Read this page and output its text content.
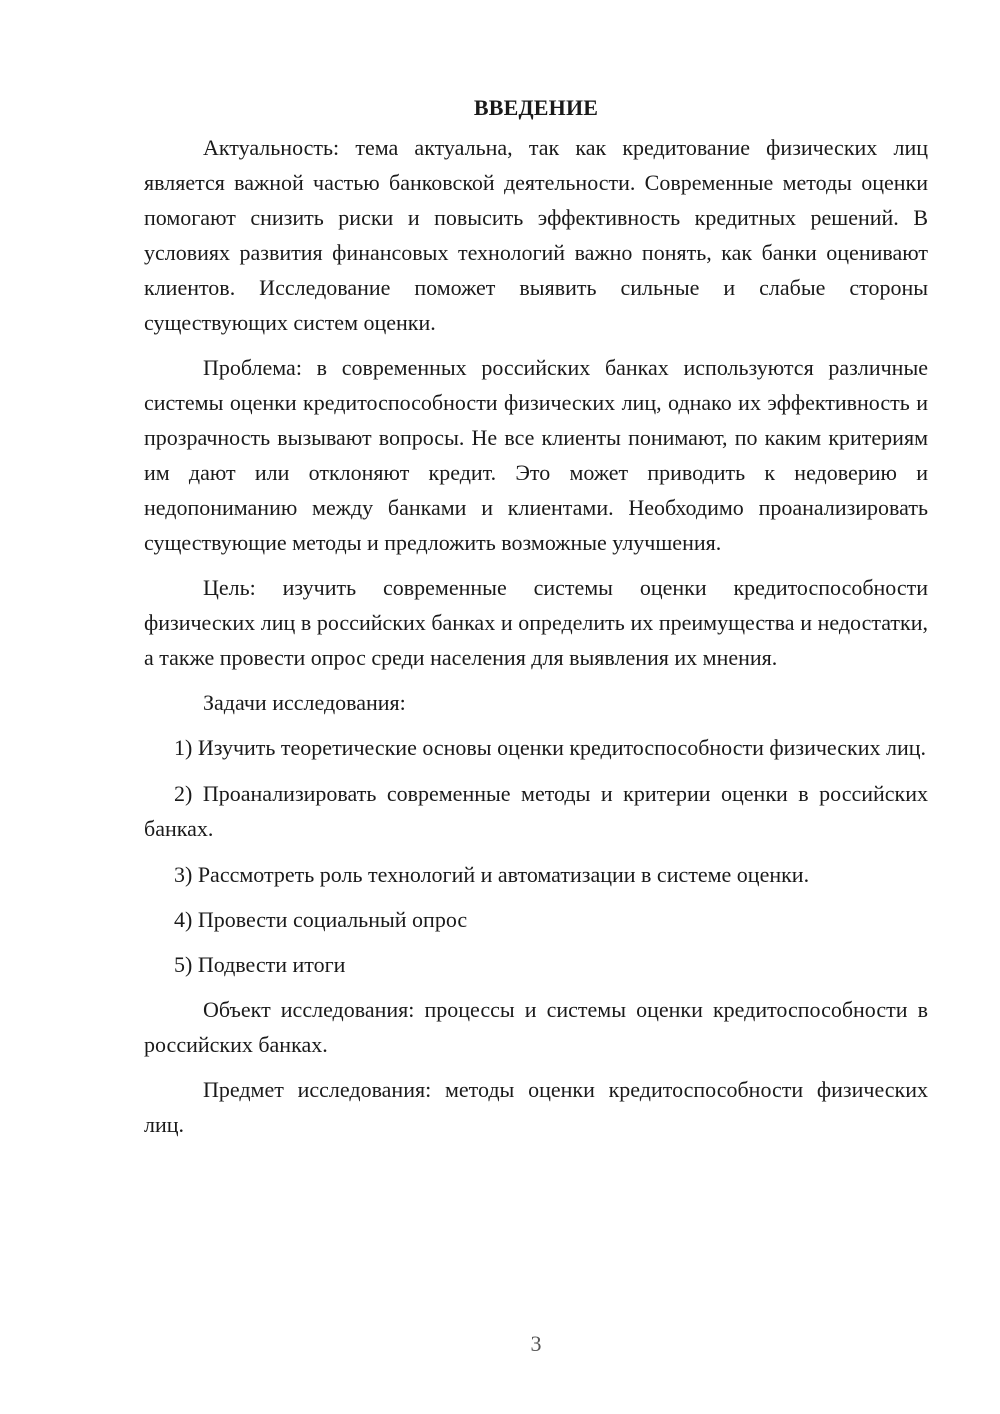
ВВЕДЕНИЕ

Актуальность: тема актуальна, так как кредитование физических лиц является важной частью банковской деятельности. Современные методы оценки помогают снизить риски и повысить эффективность кредитных решений. В условиях развития финансовых технологий важно понять, как банки оценивают клиентов. Исследование поможет выявить сильные и слабые стороны существующих систем оценки.

Проблема: в современных российских банках используются различные системы оценки кредитоспособности физических лиц, однако их эффективность и прозрачность вызывают вопросы. Не все клиенты понимают, по каким критериям им дают или отклоняют кредит. Это может приводить к недоверию и недопониманию между банками и клиентами. Необходимо проанализировать существующие методы и предложить возможные улучшения.

Цель: изучить современные системы оценки кредитоспособности физических лиц в российских банках и определить их преимущества и недостатки, а также провести опрос среди населения для выявления их мнения.

Задачи исследования:

1) Изучить теоретические основы оценки кредитоспособности физических лиц.

2) Проанализировать современные методы и критерии оценки в российских банках.

3) Рассмотреть роль технологий и автоматизации в системе оценки.

4) Провести социальный опрос

5) Подвести итоги

Объект исследования: процессы и системы оценки кредитоспособности в российских банках.

Предмет исследования: методы оценки кредитоспособности физических лиц.

3
